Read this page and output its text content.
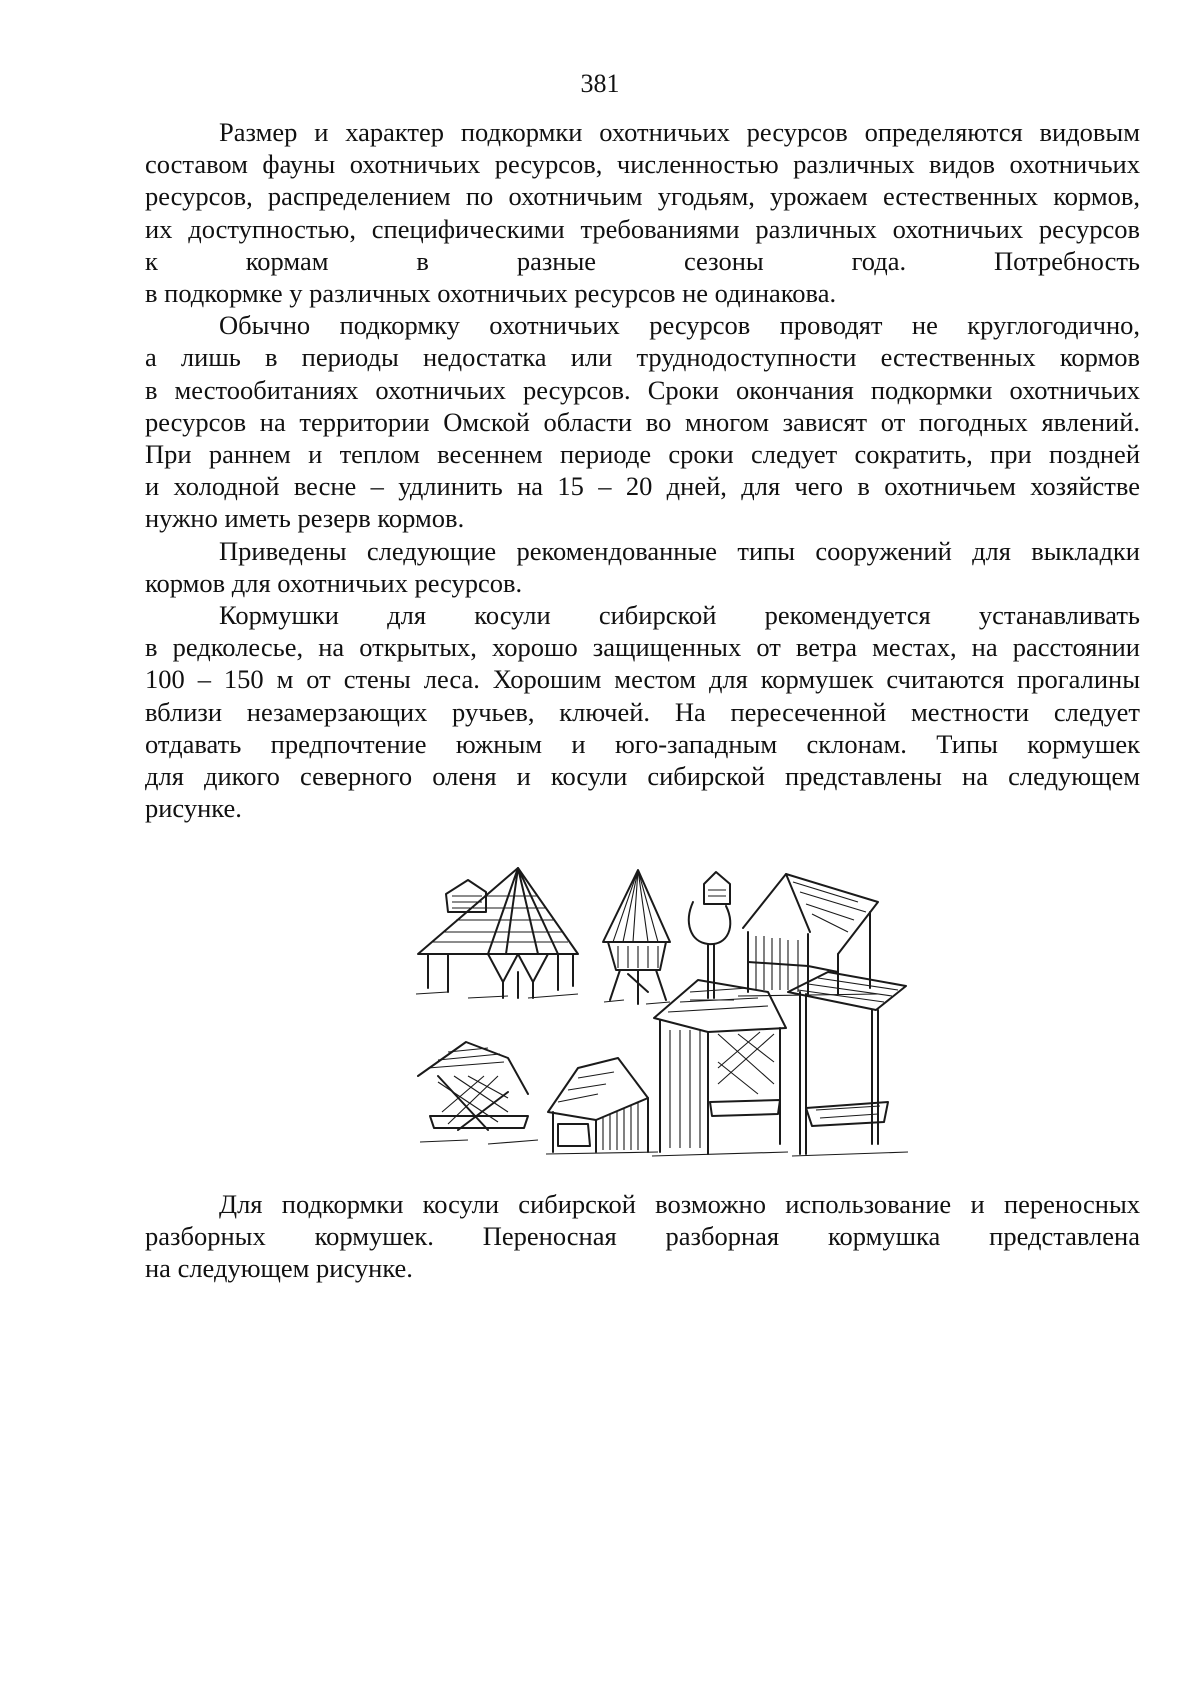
381

Размер и характер подкормки охотничьих ресурсов определяются видовым
составом фауны охотничьих ресурсов, численностью различных видов охотничьих
ресурсов, распределением по охотничьим угодьям, урожаем естественных кормов,
их доступностью, специфическими требованиями различных охотничьих ресурсов
к кормам в разные сезоны года. Потребность
в подкормке у различных охотничьих ресурсов не одинакова.

Обычно подкормку охотничьих ресурсов проводят не круглогодично,
а лишь в периоды недостатка или труднодоступности естественных кормов
в местообитаниях охотничьих ресурсов. Сроки окончания подкормки охотничьих
ресурсов на территории Омской области во многом зависят от погодных явлений.
При раннем и теплом весеннем периоде сроки следует сократить, при поздней
и холодной весне – удлинить на 15 – 20 дней, для чего в охотничьем хозяйстве
нужно иметь резерв кормов.

Приведены следующие рекомендованные типы сооружений для выкладки
кормов для охотничьих ресурсов.

Кормушки для косули сибирской рекомендуется устанавливать
в редколесье, на открытых, хорошо защищенных от ветра местах, на расстоянии
100 – 150 м от стены леса. Хорошим местом для кормушек считаются прогалины
вблизи незамерзающих ручьев, ключей. На пересеченной местности следует
отдавать предпочтение южным и юго-западным склонам. Типы кормушек
для дикого северного оленя и косули сибирской представлены на следующем
рисунке.

Для подкормки косули сибирской возможно использование и переносных
разборных кормушек. Переносная разборная кормушка представлена
на следующем рисунке.
